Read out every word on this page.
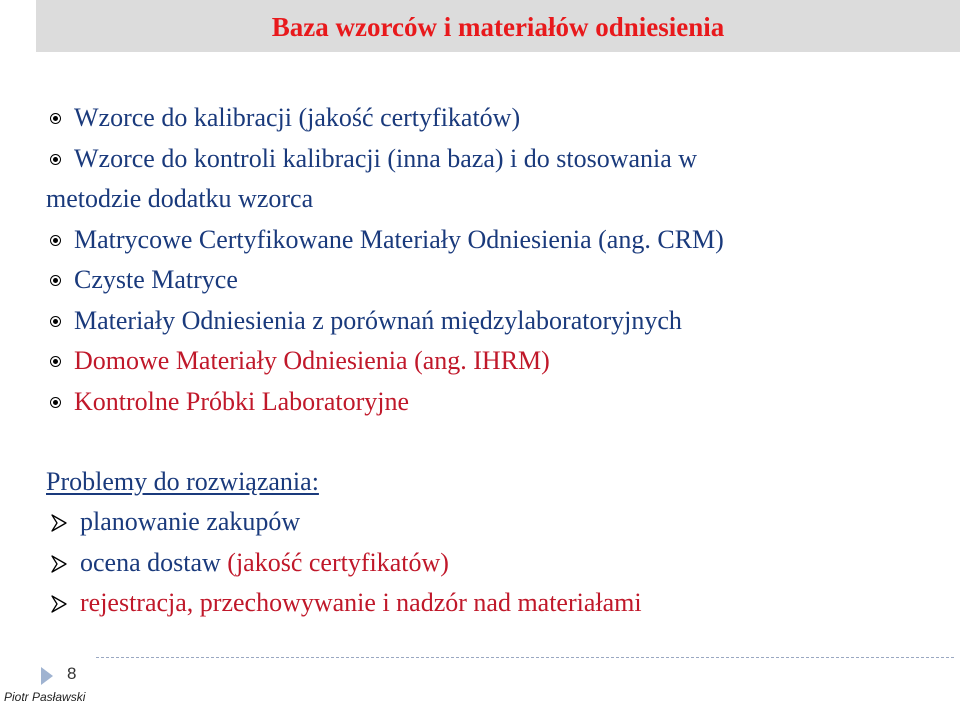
Baza wzorców i materiałów odniesienia
Wzorce do kalibracji (jakość certyfikatów)
Wzorce do kontroli kalibracji (inna baza) i do stosowania w
metodzie dodatku wzorca
Matrycowe Certyfikowane Materiały Odniesienia (ang. CRM)
Czyste Matryce
Materiały Odniesienia z porównań międzylaboratoryjnych
Domowe Materiały Odniesienia (ang. IHRM)
Kontrolne Próbki Laboratoryjne

Problemy do rozwiązania:

planowanie zakupów
ocena dostaw (jakość certyfikatów)
rejestracja, przechowywanie i nadzór nad materiałami
8
Piotr Pasławski
